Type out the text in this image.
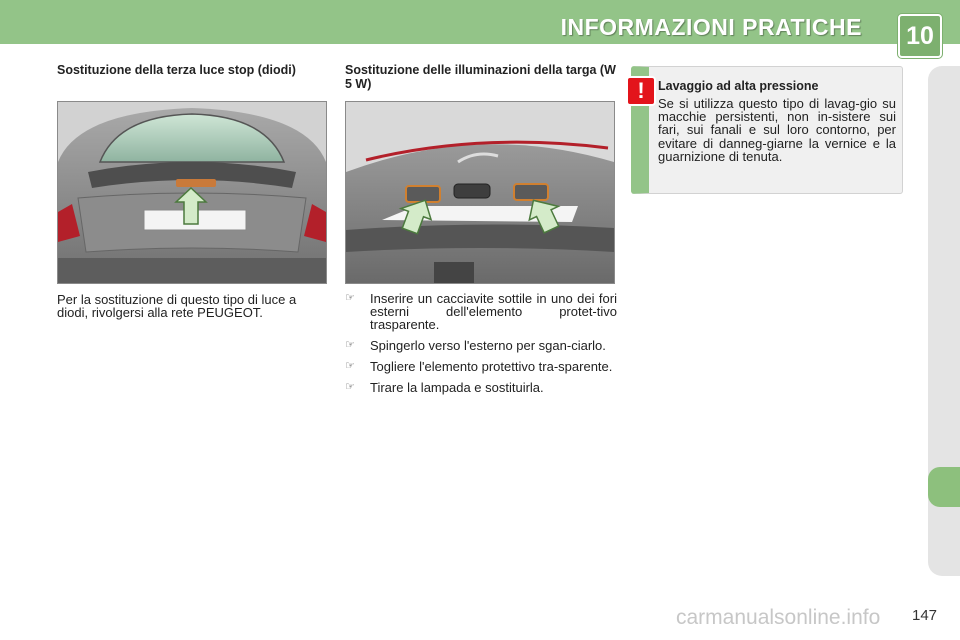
INFORMAZIONI PRATICHE	10
Sostituzione della terza luce stop (diodi)
Per la sostituzione di questo tipo di luce a diodi, rivolgersi alla rete PEUGEOT.
Sostituzione delle illuminazioni della targa (W 5 W)
☞ Inserire un cacciavite sottile in uno dei fori esterni dell'elemento protet-tivo trasparente.
☞ Spingerlo verso l'esterno per sgan-ciarlo.
☞ Togliere l'elemento protettivo tra-sparente.
☞ Tirare la lampada e sostituirla.
!	Lavaggio ad alta pressione
Se si utilizza questo tipo di lavag-gio su macchie persistenti, non in-sistere sui fari, sui fanali e sul loro contorno, per evitare di danneg-giarne la vernice e la guarnizione di tenuta.
carmanualsonline.info 147
